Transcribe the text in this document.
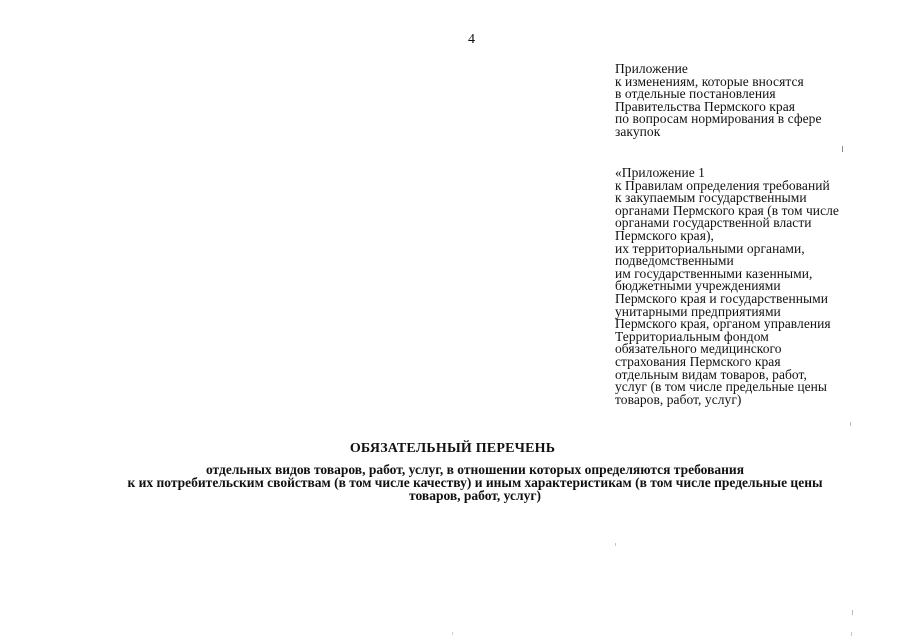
4
Приложение
к изменениям, которые вносятся
в отдельные постановления
Правительства Пермского края
по вопросам нормирования в сфере
закупок
«Приложение 1
к Правилам определения требований
к закупаемым государственными
органами Пермского края (в том числе
органами государственной власти
Пермского края),
их территориальными органами,
подведомственными
им государственными казенными,
бюджетными учреждениями
Пермского края и государственными
унитарными предприятиями
Пермского края, органом управления
Территориальным фондом
обязательного медицинского
страхования Пермского края
отдельным видам товаров, работ,
услуг (в том числе предельные цены
товаров, работ, услуг)
ОБЯЗАТЕЛЬНЫЙ ПЕРЕЧЕНЬ
отдельных видов товаров, работ, услуг, в отношении которых определяются требования
к их потребительским свойствам (в том числе качеству) и иным характеристикам (в том числе предельные цены
товаров, работ, услуг)
